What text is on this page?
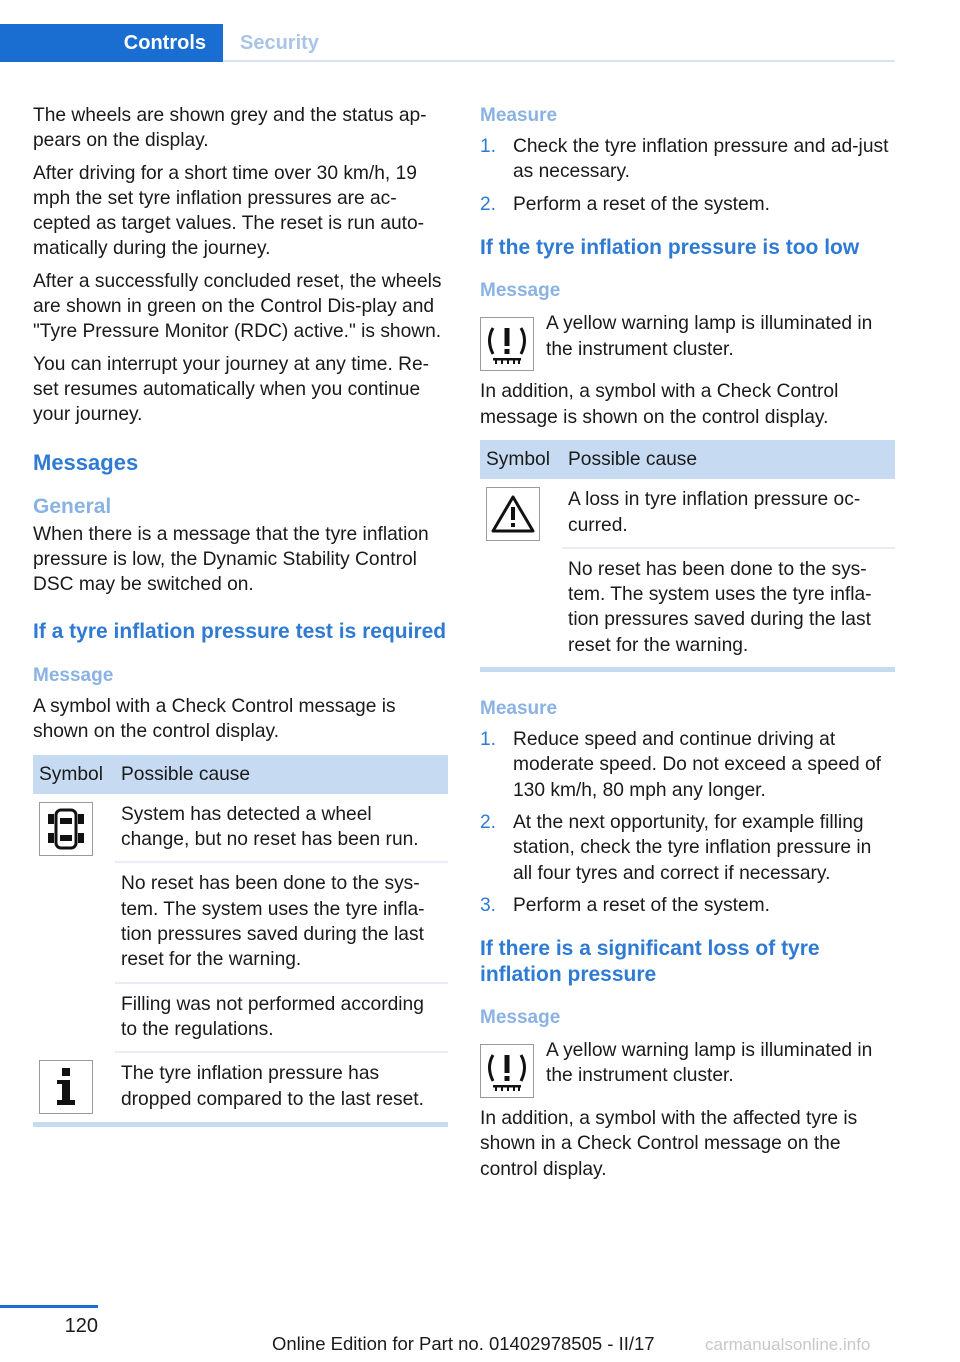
Controls	Security

The wheels are shown grey and the status ap‐pears on the display.

After driving for a short time over 30 km/h, 19 mph the set tyre inflation pressures are ac‐cepted as target values. The reset is run auto‐matically during the journey.

After a successfully concluded reset, the wheels are shown in green on the Control Dis‐play and "Tyre Pressure Monitor (RDC) active." is shown.

You can interrupt your journey at any time. Re‐set resumes automatically when you continue your journey.

Messages
General

When there is a message that the tyre inflation pressure is low, the Dynamic Stability Control DSC may be switched on.

If a tyre inflation pressure test is required
Message

A symbol with a Check Control message is shown on the control display.

Symbol	Possible cause

	System has detected a wheel change, but no reset has been run.
	No reset has been done to the sys‐tem. The system uses the tyre infla‐tion pressures saved during the last reset for the warning.
	Filling was not performed according to the regulations.

	The tyre inflation pressure has dropped compared to the last reset.
Measure
1. Check the tyre inflation pressure and ad‐just as necessary.
2. Perform a reset of the system.
If the tyre inflation pressure is too low
Message
A yellow warning lamp is illuminated in the instrument cluster.

In addition, a symbol with a Check Control message is shown on the control display.

Symbol	Possible cause

	A loss in tyre inflation pressure oc‐curred.
	No reset has been done to the sys‐tem. The system uses the tyre infla‐tion pressures saved during the last reset for the warning.
Measure
1. Reduce speed and continue driving at moderate speed. Do not exceed a speed of 130 km/h, 80 mph any longer.
2. At the next opportunity, for example filling station, check the tyre inflation pressure in all four tyres and correct if necessary.
3. Perform a reset of the system.
If there is a significant loss of tyre inflation pressure
Message
A yellow warning lamp is illuminated in the instrument cluster.

In addition, a symbol with the affected tyre is shown in a Check Control message on the control display.

120
Online Edition for Part no. 01402978505 - II/17	carmanualsonline.info
